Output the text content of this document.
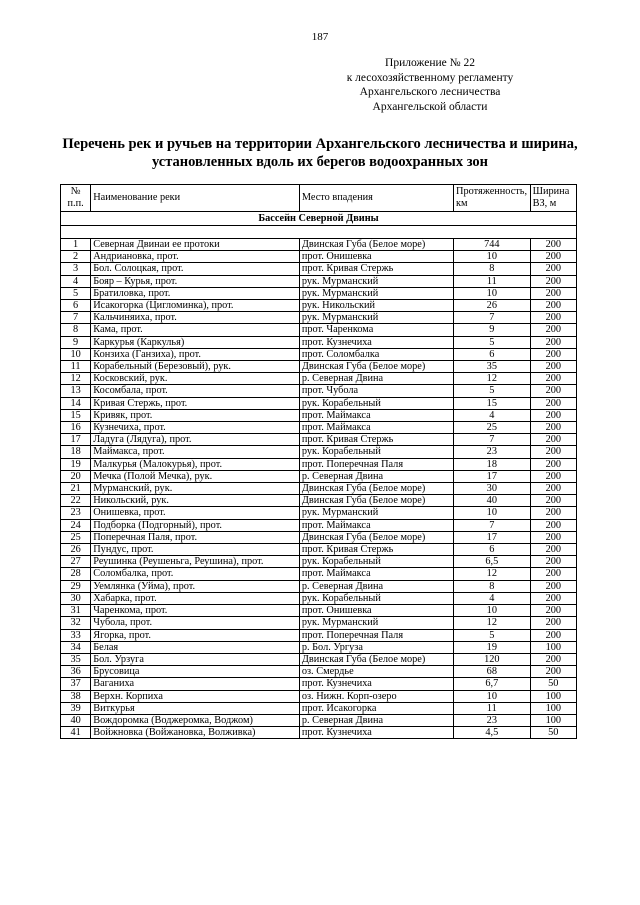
187
Приложение № 22
к лесохозяйственному регламенту
Архангельского лесничества
Архангельской области
Перечень рек и ручьев на территории Архангельского лесничества и ширина,
установленных вдоль их берегов водоохранных зон
№ п.п.	Наименование реки	Место впадения	Протяженность, км	Ширина ВЗ, м
Бассейн Северной Двины				

1	Северная Двинаи ее протоки	Двинская Губа (Белое море)	744	200
2	Андриановка, прот.	прот. Онишевка	10	200
3	Бол. Солоцкая, прот.	прот. Кривая Стержь	8	200
4	Бояр – Курья, прот.	рук. Мурманский	11	200
5	Братиловка, прот.	рук. Мурманский	10	200
6	Исакогорка (Цигломинка), прот.	рук. Никольский	26	200
7	Кальчиняиха, прот.	рук. Мурманский	7	200
8	Кама, прот.	прот. Чаренкома	9	200
9	Каркурья (Каркулья)	прот. Кузнечиха	5	200
10	Конзиха (Ганзиха), прот.	прот. Соломбалка	6	200
11	Корабельный (Березовый), рук.	Двинская Губа (Белое море)	35	200
12	Косковский, рук.	р. Северная Двина	12	200
13	Косомбала, прот.	прот. Чубола	5	200
14	Кривая Стержь, прот.	рук. Корабельный	15	200
15	Кривяк, прот.	прот. Маймакса	4	200
16	Кузнечиха, прот.	прот. Маймакса	25	200
17	Ладуга (Лядуга), прот.	прот. Кривая Стержь	7	200
18	Маймакса, прот.	рук. Корабельный	23	200
19	Малкурья (Малокурья), прот.	прот. Поперечная Паля	18	200
20	Мечка (Полой Мечка), рук.	р. Северная Двина	17	200
21	Мурманский, рук.	Двинская Губа (Белое море)	30	200
22	Никольский, рук.	Двинская Губа (Белое море)	40	200
23	Онишевка, прот.	рук. Мурманский	10	200
24	Подборка (Подгорный), прот.	прот. Маймакса	7	200
25	Поперечная Паля, прот.	Двинская Губа (Белое море)	17	200
26	Пундус, прот.	прот. Кривая Стержь	6	200
27	Реушинка (Реушеньга, Реушина), прот.	рук. Корабельный	6,5	200
28	Соломбалка, прот.	прот. Маймакса	12	200
29	Уемлянка (Уйма), прот.	р. Северная Двина	8	200
30	Хабарка, прот.	рук. Корабельный	4	200
31	Чаренкома, прот.	прот. Онишевка	10	200
32	Чубола, прот.	рук. Мурманский	12	200
33	Ягорка, прот.	прот. Поперечная Паля	5	200
34	Белая	р. Бол. Ургуза	19	100
35	Бол. Урзуга	Двинская Губа (Белое море)	120	200
36	Брусовица	оз. Смердье	68	200
37	Ваганиха	прот. Кузнечиха	6,7	50
38	Верхн. Корпиха	оз. Нижн. Корп-озеро	10	100
39	Виткурья	прот. Исакогорка	11	100
40	Вождоромка (Воджеромка, Воджом)	р. Северная Двина	23	100
41	Войжновка (Войжановка, Волживка)	прот. Кузнечиха	4,5	50
